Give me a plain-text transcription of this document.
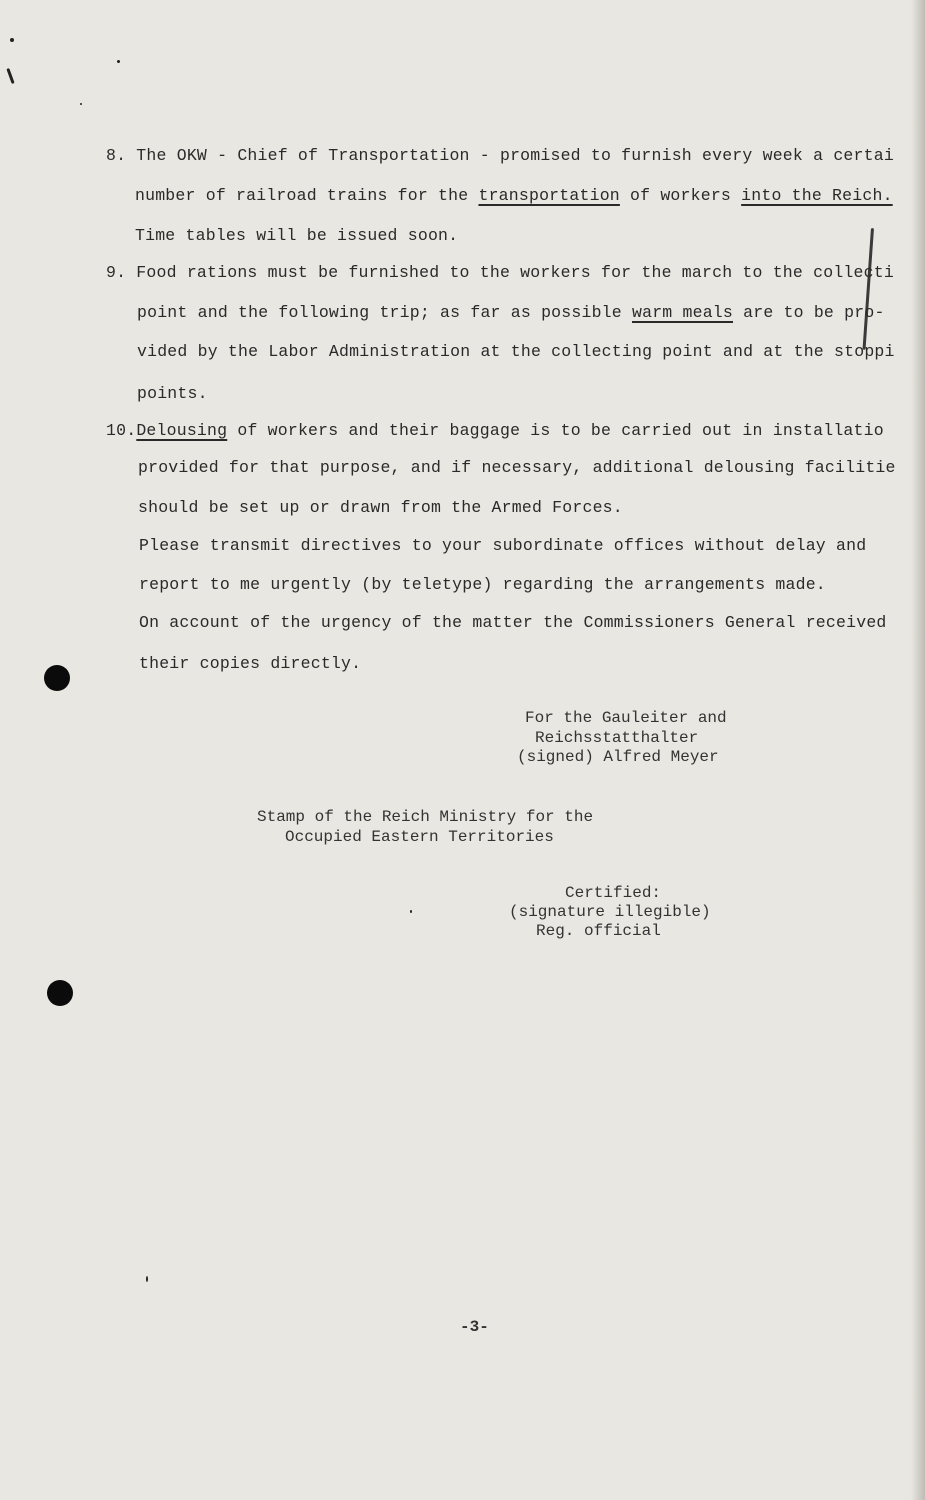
8. The OKW - Chief of Transportation - promised to furnish every week a certai
number of railroad trains for the transportation of workers into the Reich.
Time tables will be issued soon.
9. Food rations must be furnished to the workers for the march to the collecti
point and the following trip; as far as possible warm meals are to be pro-
vided by the Labor Administration at the collecting point and at the stoppi
points.
10.Delousing of workers and their baggage is to be carried out in installatio
provided for that purpose, and if necessary, additional delousing facilitie
should be set up or drawn from the Armed Forces.
Please transmit directives to your subordinate offices without delay and
report to me urgently (by teletype) regarding the arrangements made.
On account of the urgency of the matter the Commissioners General received
their copies directly.
For the Gauleiter and
Reichsstatthalter
(signed) Alfred Meyer
Stamp of the Reich Ministry for the
Occupied Eastern Territories
Certified:
(signature illegible)
Reg. official
-3-
